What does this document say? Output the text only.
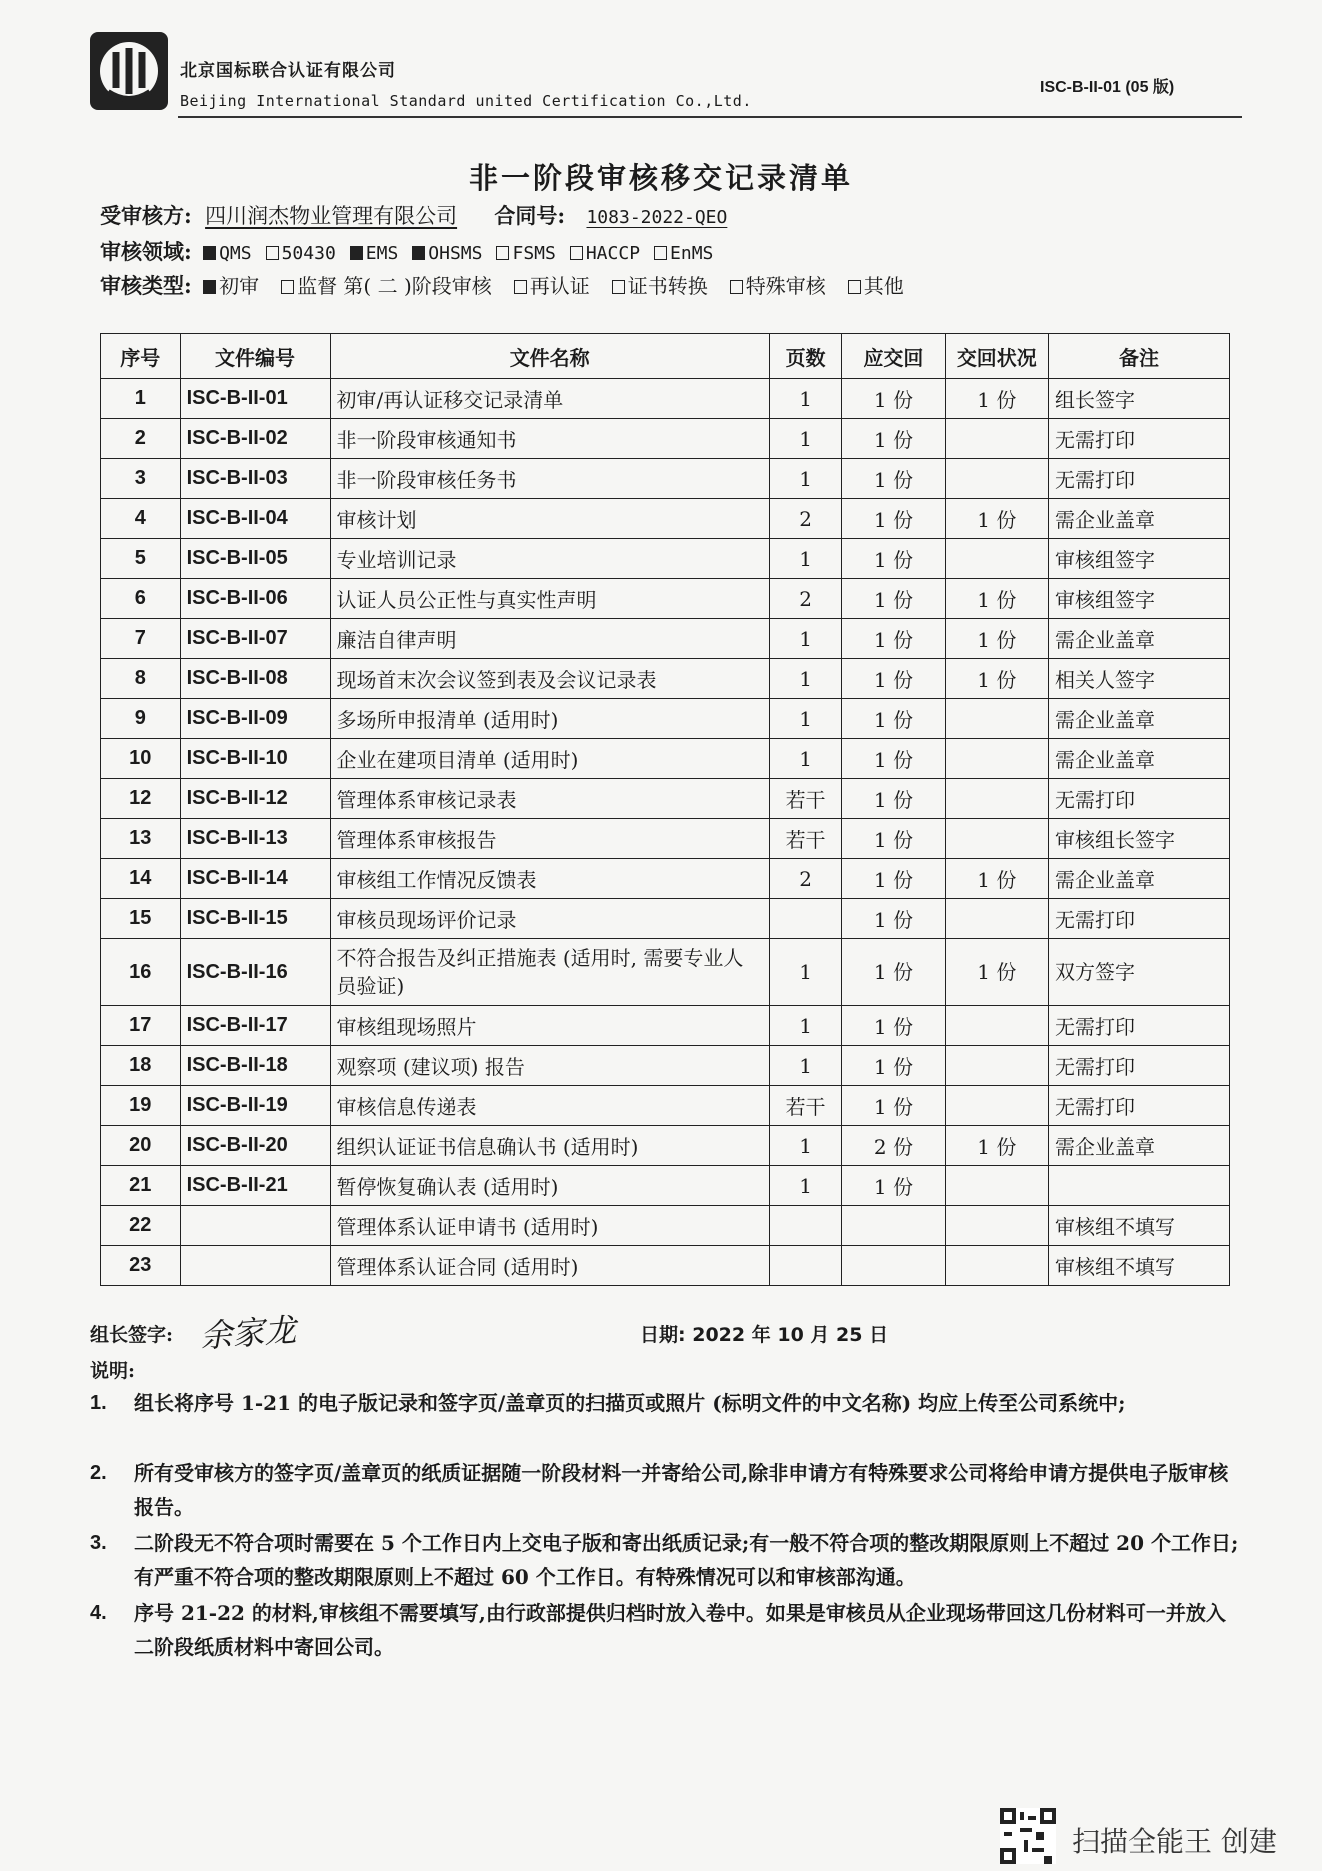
北京国标联合认证有限公司
Beijing International Standard united Certification Co.,Ltd.
ISC-B-II-01 (05 版)
非一阶段审核移交记录清单
受审核方: 四川润杰物业管理有限公司 合同号: 1083-2022-QEO
审核领域: QMS 50430 EMS OHSMS FSMS HACCP EnMS
审核类型: 初审 监督 第( 二 )阶段审核 再认证 证书转换 特殊审核 其他
序号	文件编号	文件名称	页数	应交回	交回状况	备注
1	ISC-B-II-01	初审/再认证移交记录清单	1	1 份	1 份	组长签字
2	ISC-B-II-02	非一阶段审核通知书	1	1 份		无需打印
3	ISC-B-II-03	非一阶段审核任务书	1	1 份		无需打印
4	ISC-B-II-04	审核计划	2	1 份	1 份	需企业盖章
5	ISC-B-II-05	专业培训记录	1	1 份		审核组签字
6	ISC-B-II-06	认证人员公正性与真实性声明	2	1 份	1 份	审核组签字
7	ISC-B-II-07	廉洁自律声明	1	1 份	1 份	需企业盖章
8	ISC-B-II-08	现场首末次会议签到表及会议记录表	1	1 份	1 份	相关人签字
9	ISC-B-II-09	多场所申报清单 (适用时)	1	1 份		需企业盖章
10	ISC-B-II-10	企业在建项目清单 (适用时)	1	1 份		需企业盖章
12	ISC-B-II-12	管理体系审核记录表	若干	1 份		无需打印
13	ISC-B-II-13	管理体系审核报告	若干	1 份		审核组长签字
14	ISC-B-II-14	审核组工作情况反馈表	2	1 份	1 份	需企业盖章
15	ISC-B-II-15	审核员现场评价记录		1 份		无需打印
16	ISC-B-II-16	不符合报告及纠正措施表 (适用时, 需要专业人员验证)	1	1 份	1 份	双方签字
17	ISC-B-II-17	审核组现场照片	1	1 份		无需打印
18	ISC-B-II-18	观察项 (建议项) 报告	1	1 份		无需打印
19	ISC-B-II-19	审核信息传递表	若干	1 份		无需打印
20	ISC-B-II-20	组织认证证书信息确认书 (适用时)	1	2 份	1 份	需企业盖章
21	ISC-B-II-21	暂停恢复确认表 (适用时)	1	1 份		
22		管理体系认证申请书 (适用时)				审核组不填写
23		管理体系认证合同 (适用时)				审核组不填写
组长签字: 余家龙	日期: 2022 年 10 月 25 日
说明:
1. 组长将序号 1-21 的电子版记录和签字页/盖章页的扫描页或照片 (标明文件的中文名称) 均应上传至公司系统中;
2. 所有受审核方的签字页/盖章页的纸质证据随一阶段材料一并寄给公司,除非申请方有特殊要求公司将给申请方提供电子版审核报告。
3. 二阶段无不符合项时需要在 5 个工作日内上交电子版和寄出纸质记录;有一般不符合项的整改期限原则上不超过 20 个工作日;有严重不符合项的整改期限原则上不超过 60 个工作日。有特殊情况可以和审核部沟通。
4. 序号 21-22 的材料,审核组不需要填写,由行政部提供归档时放入卷中。如果是审核员从企业现场带回这几份材料可一并放入二阶段纸质材料中寄回公司。
扫描全能王 创建
